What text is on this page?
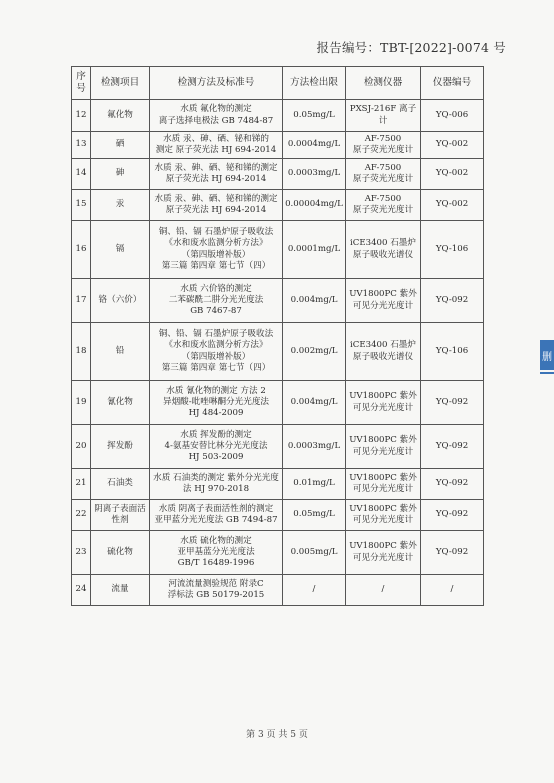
报告编号：TBT-[2022]-0074 号
序号	检测项目	检测方法及标准号	方法检出限	检测仪器	仪器编号
12	氟化物	水质 氟化物的测定
离子选择电极法 GB 7484-87	0.05mg/L	PXSJ-216F 离子
计	YQ-006
13	硒	水质 汞、砷、硒、铋和锑的
测定 原子荧光法 HJ 694-2014	0.0004mg/L	AF-7500
原子荧光光度计	YQ-002
14	砷	水质 汞、砷、硒、铋和锑的测定
原子荧光法 HJ 694-2014	0.0003mg/L	AF-7500
原子荧光光度计	YQ-002
15	汞	水质 汞、砷、硒、铋和锑的测定
原子荧光法 HJ 694-2014	0.00004mg/L	AF-7500
原子荧光光度计	YQ-002
16	镉	铜、铅、镉 石墨炉原子吸收法
《水和废水监测分析方法》
（第四版增补版）
第三篇 第四章 第七节（四）	0.0001mg/L	iCE3400 石墨炉
原子吸收光谱仪	YQ-106
17	铬（六价）	水质 六价铬的测定
二苯碳酰二肼分光光度法
GB 7467-87	0.004mg/L	UV1800PC 紫外
可见分光光度计	YQ-092
18	铅	铜、铅、镉 石墨炉原子吸收法
《水和废水监测分析方法》
（第四版增补版）
第三篇 第四章 第七节（四）	0.002mg/L	iCE3400 石墨炉
原子吸收光谱仪	YQ-106
19	氰化物	水质 氰化物的测定 方法 2
异烟酸-吡唑啉酮分光光度法
HJ 484-2009	0.004mg/L	UV1800PC 紫外
可见分光光度计	YQ-092
20	挥发酚	水质 挥发酚的测定
4-氨基安替比林分光光度法
HJ 503-2009	0.0003mg/L	UV1800PC 紫外
可见分光光度计	YQ-092
21	石油类	水质 石油类的测定 紫外分光光度
法 HJ 970-2018	0.01mg/L	UV1800PC 紫外
可见分光光度计	YQ-092
22	阴离子表面活
性剂	水质 阴离子表面活性剂的测定
亚甲蓝分光光度法 GB 7494-87	0.05mg/L	UV1800PC 紫外
可见分光光度计	YQ-092
23	硫化物	水质 硫化物的测定
亚甲基蓝分光光度法
GB/T 16489-1996	0.005mg/L	UV1800PC 紫外
可见分光光度计	YQ-092
24	流量	河流流量测验规范 附录C
浮标法 GB 50179-2015	/	/	/
第 3 页 共 5 页
删
